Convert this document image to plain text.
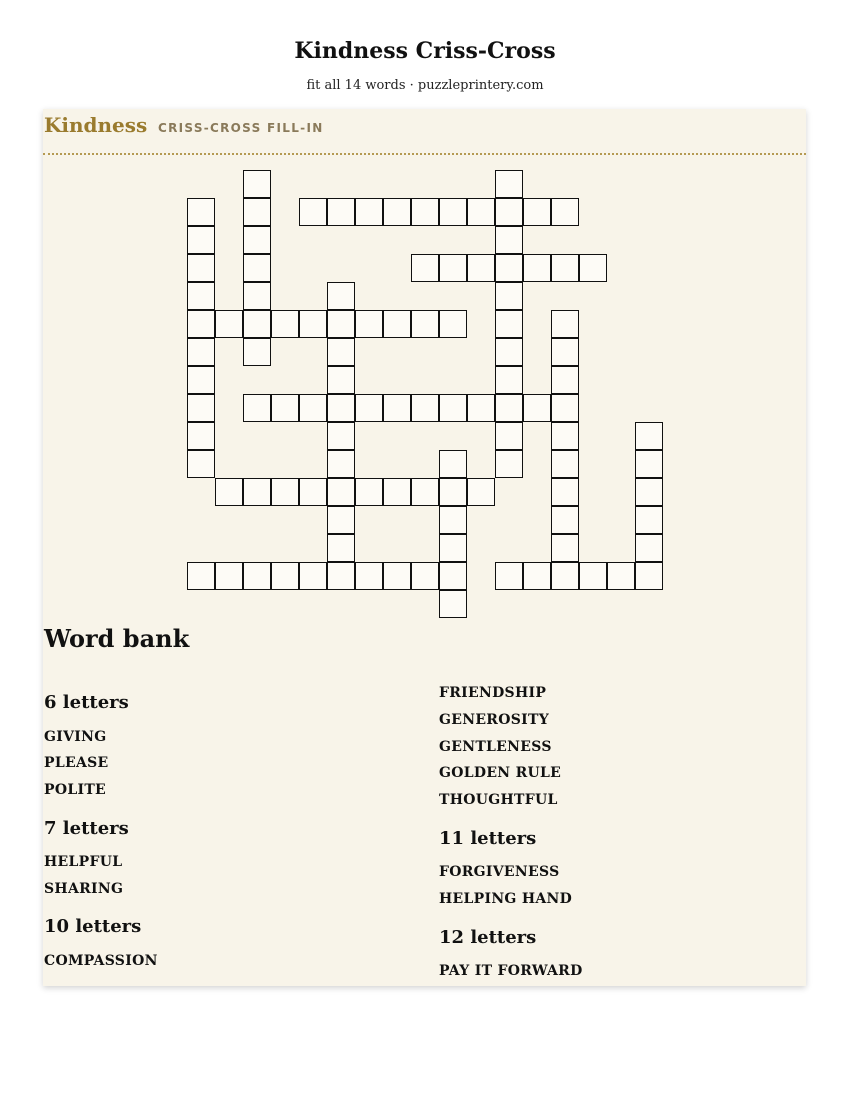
Kindness Criss-Cross
fit all 14 words · puzzleprintery.com
Kindness CRISS-CROSS FILL-IN
Word bank
6 letters
GIVING
PLEASE
POLITE
7 letters
HELPFUL
SHARING
10 letters
COMPASSION
FRIENDSHIP
GENEROSITY
GENTLENESS
GOLDEN RULE
THOUGHTFUL
11 letters
FORGIVENESS
HELPING HAND
12 letters
PAY IT FORWARD
